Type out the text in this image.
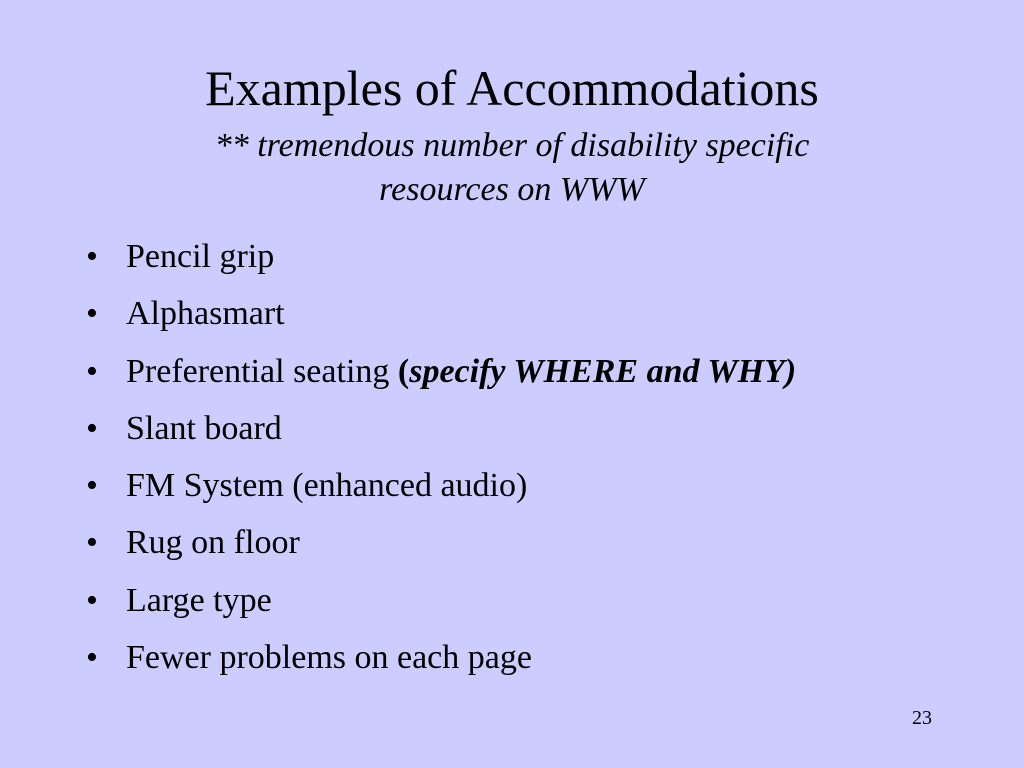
Examples of Accommodations
** tremendous number of disability specific
resources on WWW
• Pencil grip
• Alphasmart
• Preferential seating (specify WHERE and WHY)
• Slant board
• FM System (enhanced audio)
• Rug on floor
• Large type
• Fewer problems on each page
23
